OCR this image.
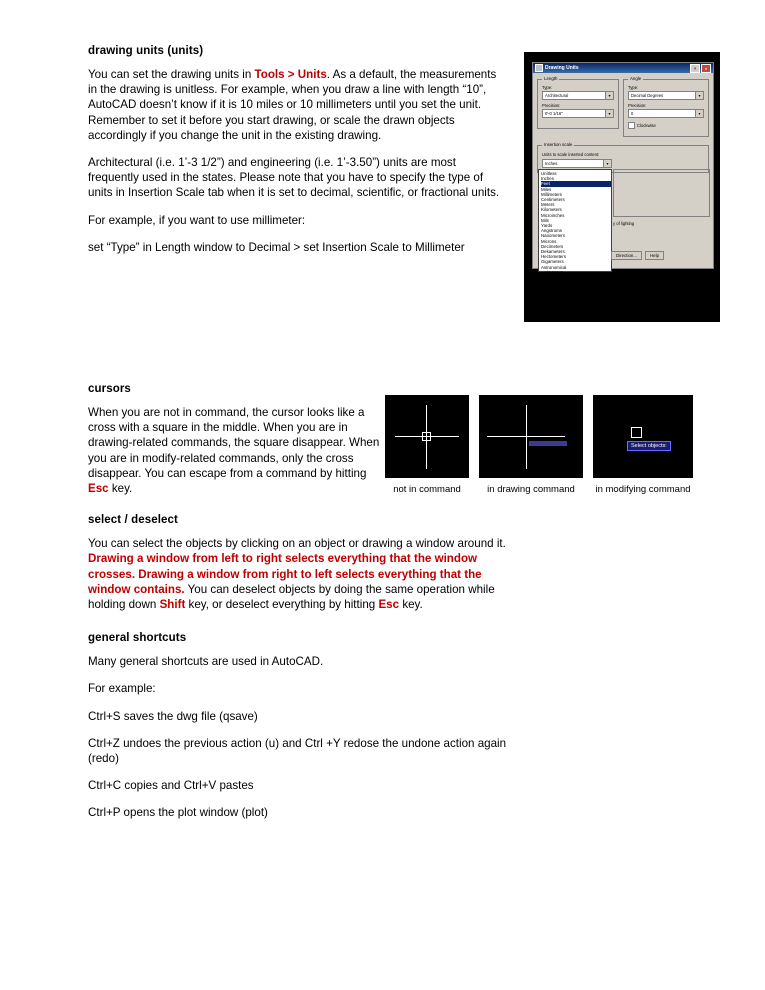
drawing units (units)

You can set the drawing units in Tools > Units. As a default, the measurements in the drawing is unitless. For example, when you draw a line with length “10”, AutoCAD doesn’t know if it is 10 miles or 10 millimeters until you set the unit. Remember to set it before you start drawing, or scale the drawn objects accordingly if you change the unit in the existing drawing.

Architectural (i.e. 1’-3 1/2”) and engineering (i.e. 1’-3.50”) units are most frequently used in the states. Please note that you have to specify the type of units in Insertion Scale tab when it is set to decimal, scientific, or fractional units.

For example, if you want to use millimeter:

set “Type” in Length window to Decimal > set Insertion Scale to Millimeter

Drawing Units	?	×
Length
Type:
Architectural	▾
Precision:
0'-0 1/16"	▾
Angle
Type:
Decimal Degrees	▾
Precision:
0	▾
Clockwise
Insertion scale
Units to scale inserted content:
Inches	▾
Unitless
Inches
Feet
Miles
Millimeters
Centimeters
Meters
Kilometers
Microinches
Mils
Yards
Angstroms
Nanometers
Microns
Decimeters
Dekameters
Hectometers
Gigameters
Astronomical
Light Years
Parsecs
y of lighting
Direction...	Help
cursors

When you are not in command, the cursor looks like a cross with a square in the middle. When you are in drawing-related commands, the square disappear. When you are in modify-related commands, only the cross disappear. You can escape from a command by hitting Esc key.	not in command	in drawing command
Select objects:
in modifying command
select / deselect

You can select the objects by clicking on an object or drawing a window around it. Drawing a window from left to right selects everything that the window crosses. Drawing a window from right to left selects everything that the window contains. You can deselect objects by doing the same operation while holding down Shift key, or deselect everything by hitting Esc key.

general shortcuts

Many general shortcuts are used in AutoCAD.

For example:

Ctrl+S saves the dwg file (qsave)

Ctrl+Z undoes the previous action (u) and Ctrl +Y redose the undone action again (redo)

Ctrl+C copies and Ctrl+V pastes

Ctrl+P opens the plot window (plot)
